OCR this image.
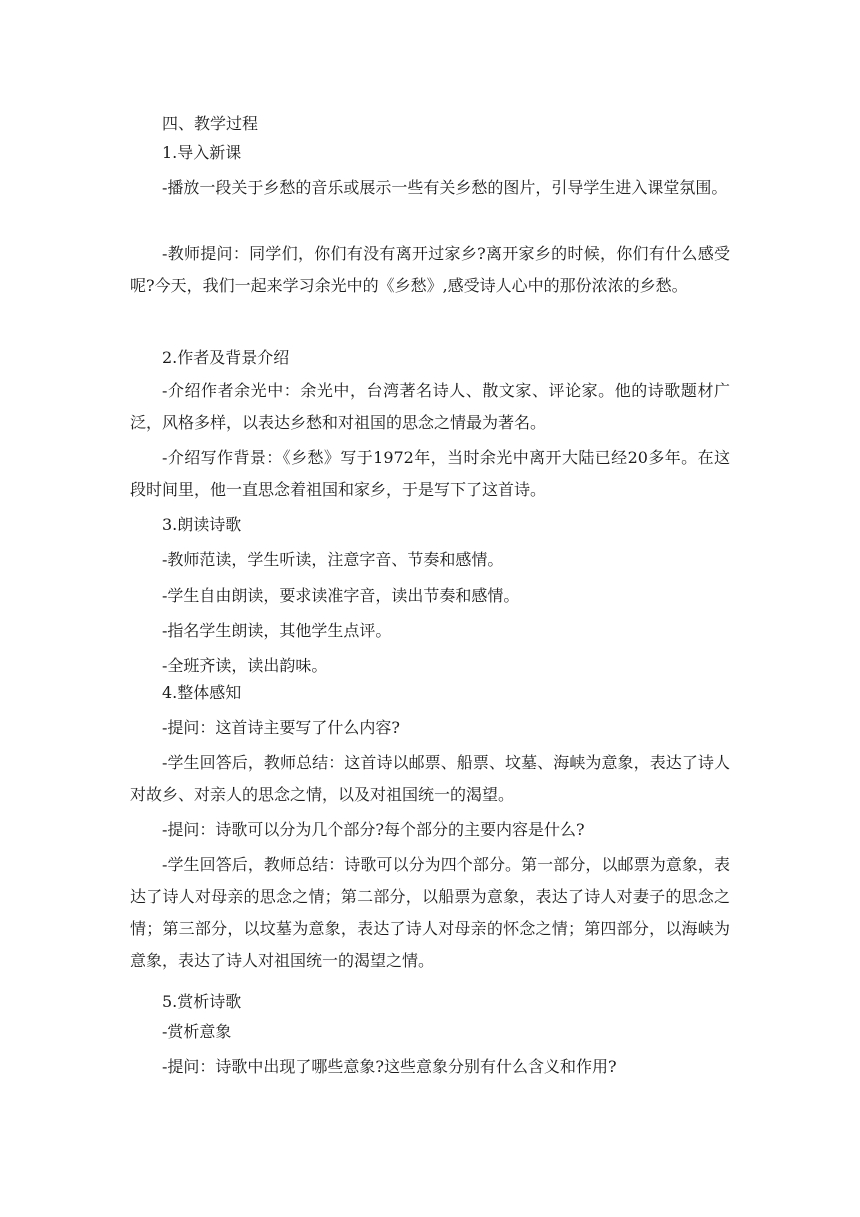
四、教学过程
1.导入新课
-播放一段关于乡愁的音乐或展示一些有关乡愁的图片，引导学生进入课堂氛围。
-教师提问：同学们，你们有没有离开过家乡?离开家乡的时候，你们有什么感受呢?今天，我们一起来学习余光中的《乡愁》,感受诗人心中的那份浓浓的乡愁。
2.作者及背景介绍
-介绍作者余光中：余光中，台湾著名诗人、散文家、评论家。他的诗歌题材广泛，风格多样，以表达乡愁和对祖国的思念之情最为著名。
-介绍写作背景：《乡愁》写于1972年，当时余光中离开大陆已经20多年。在这段时间里，他一直思念着祖国和家乡，于是写下了这首诗。
3.朗读诗歌
-教师范读，学生听读，注意字音、节奏和感情。
-学生自由朗读，要求读准字音，读出节奏和感情。
-指名学生朗读，其他学生点评。
-全班齐读，读出韵味。
4.整体感知
-提问：这首诗主要写了什么内容?
-学生回答后，教师总结：这首诗以邮票、船票、坟墓、海峡为意象，表达了诗人对故乡、对亲人的思念之情，以及对祖国统一的渴望。
-提问：诗歌可以分为几个部分?每个部分的主要内容是什么?
-学生回答后，教师总结：诗歌可以分为四个部分。第一部分，以邮票为意象，表达了诗人对母亲的思念之情；第二部分，以船票为意象，表达了诗人对妻子的思念之情；第三部分，以坟墓为意象，表达了诗人对母亲的怀念之情；第四部分，以海峡为意象，表达了诗人对祖国统一的渴望之情。
5.赏析诗歌
-赏析意象
-提问：诗歌中出现了哪些意象?这些意象分别有什么含义和作用?
